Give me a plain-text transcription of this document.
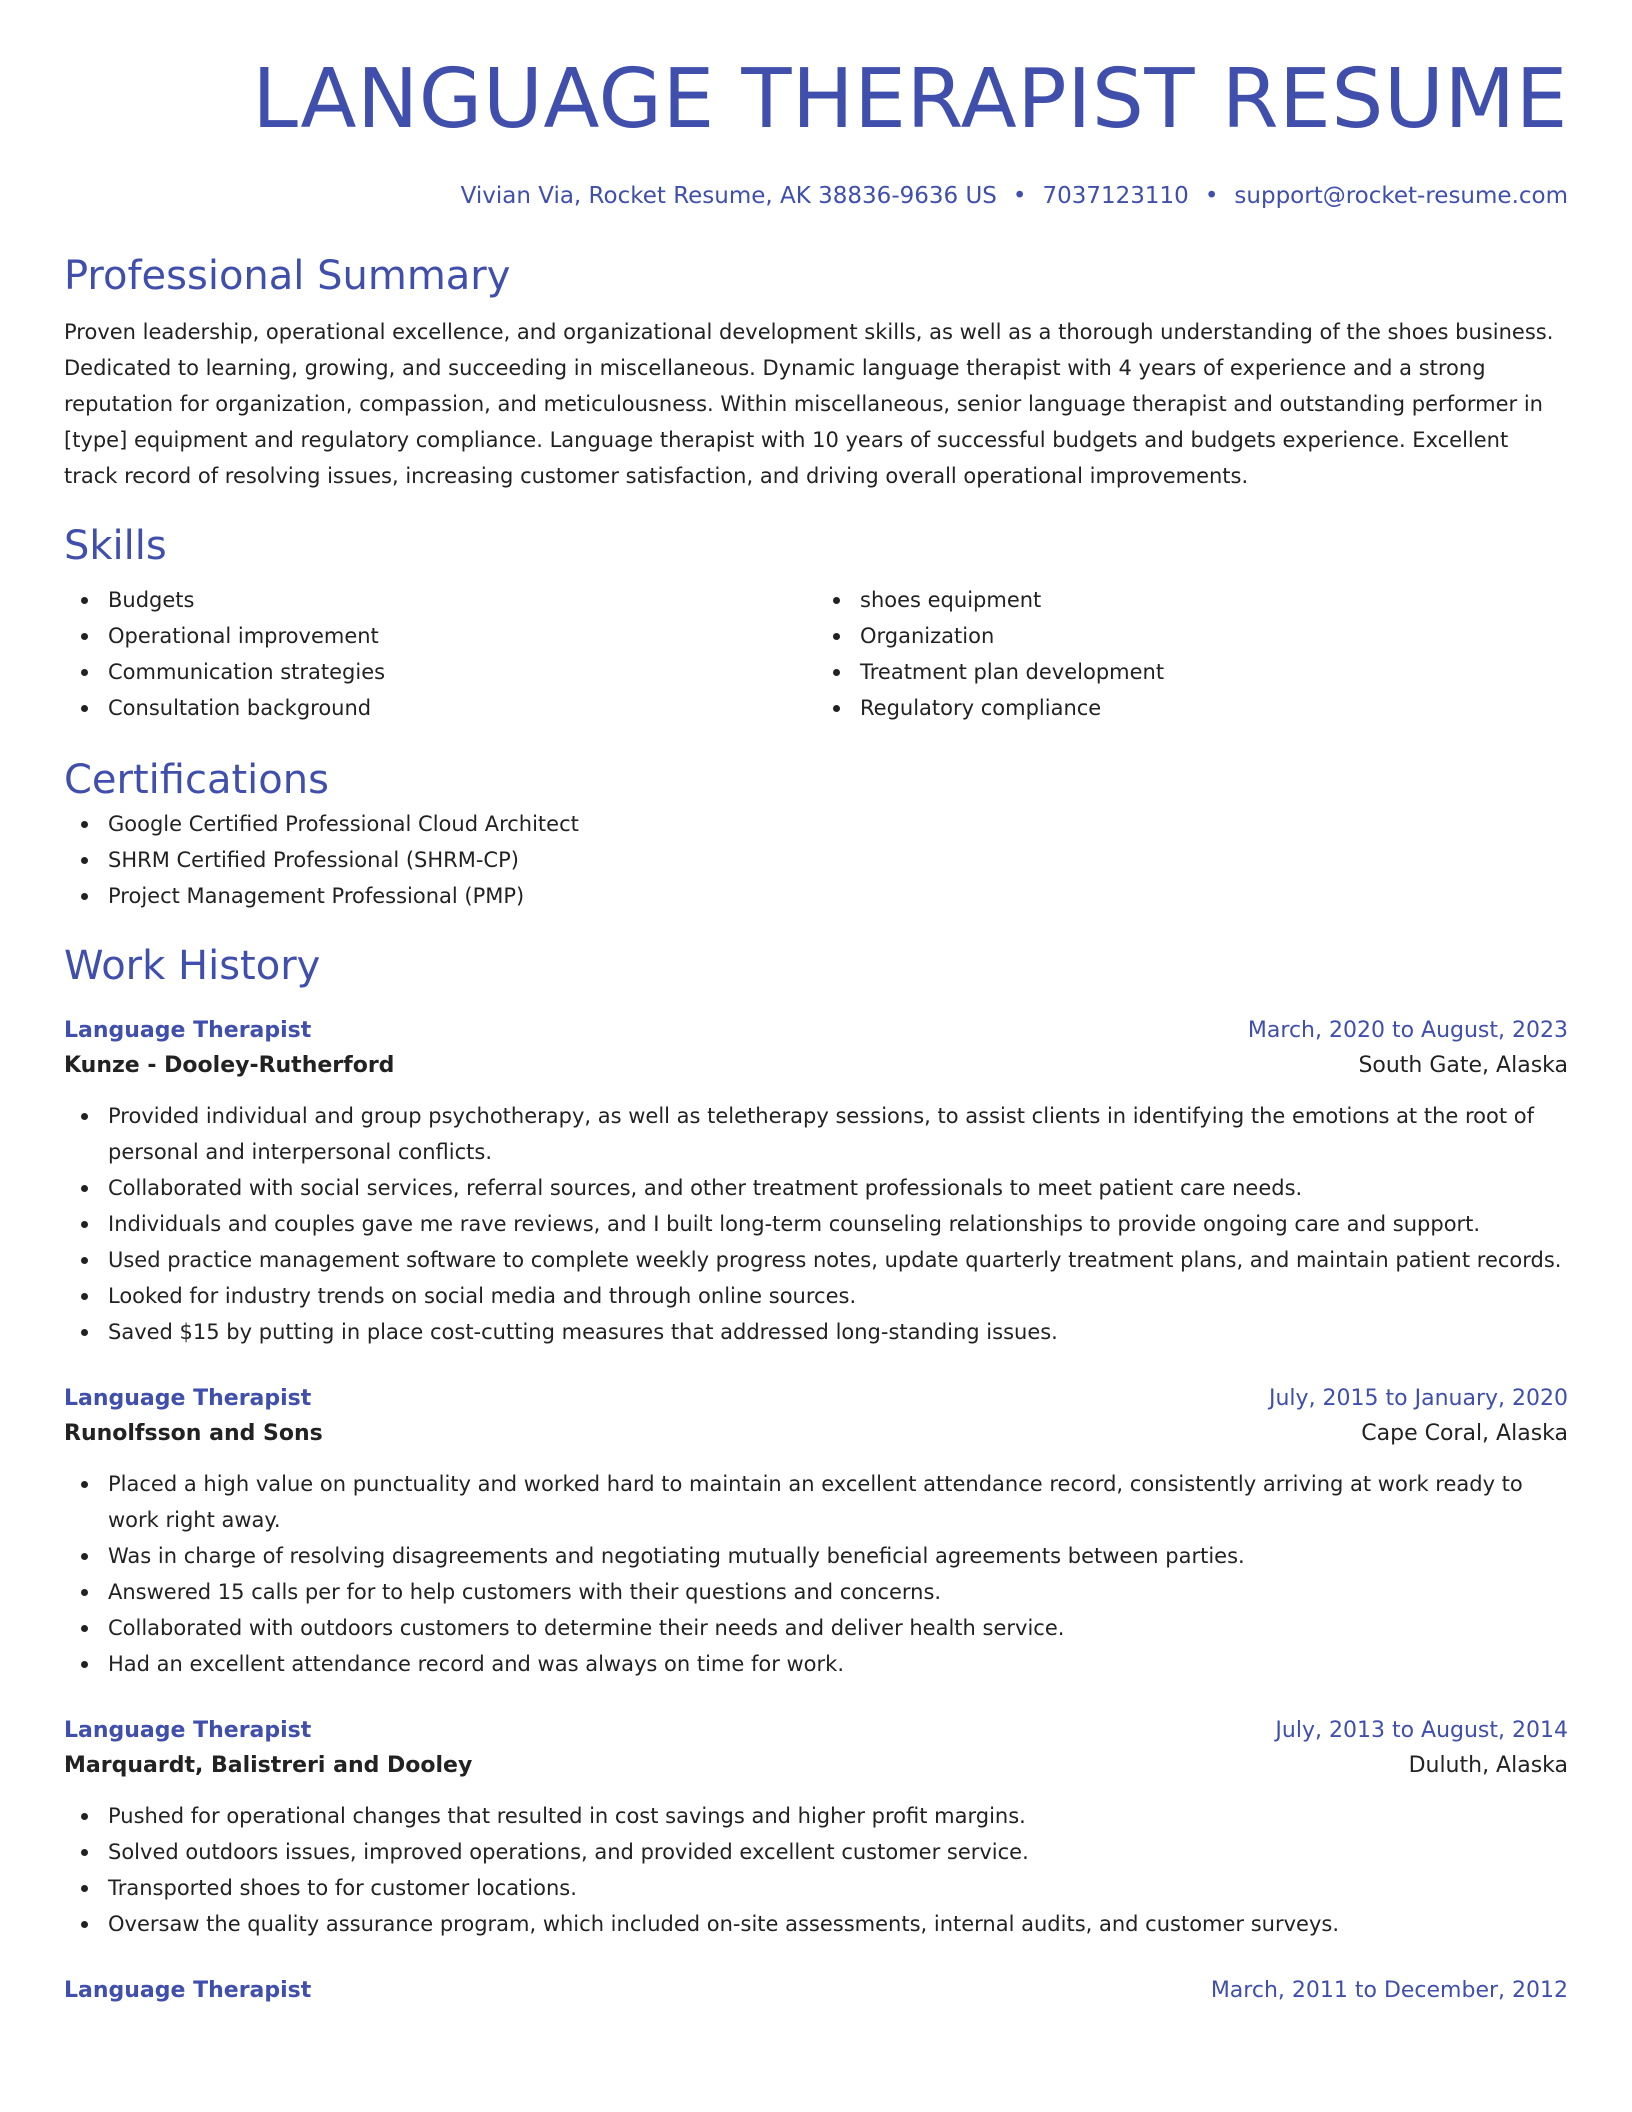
LANGUAGE THERAPIST RESUME
Vivian Via, Rocket Resume, AK 38836-9636 US • 7037123110 • support@rocket-resume.com
Professional Summary
Proven leadership, operational excellence, and organizational development skills, as well as a thorough understanding of the shoes business. Dedicated to learning, growing, and succeeding in miscellaneous. Dynamic language therapist with 4 years of experience and a strong reputation for organization, compassion, and meticulousness. Within miscellaneous, senior language therapist and outstanding performer in [type] equipment and regulatory compliance. Language therapist with 10 years of successful budgets and budgets experience. Excellent track record of resolving issues, increasing customer satisfaction, and driving overall operational improvements.
Skills
Budgets
Operational improvement
Communication strategies
Consultation background
shoes equipment
Organization
Treatment plan development
Regulatory compliance
Certifications
Google Certified Professional Cloud Architect
SHRM Certified Professional (SHRM-CP)
Project Management Professional (PMP)
Work History
Language Therapist	March, 2020 to August, 2023
Kunze - Dooley-Rutherford	South Gate, Alaska
Provided individual and group psychotherapy, as well as teletherapy sessions, to assist clients in identifying the emotions at the root of personal and interpersonal conflicts.
Collaborated with social services, referral sources, and other treatment professionals to meet patient care needs.
Individuals and couples gave me rave reviews, and I built long-term counseling relationships to provide ongoing care and support.
Used practice management software to complete weekly progress notes, update quarterly treatment plans, and maintain patient records.
Looked for industry trends on social media and through online sources.
Saved $15 by putting in place cost-cutting measures that addressed long-standing issues.
Language Therapist	July, 2015 to January, 2020
Runolfsson and Sons	Cape Coral, Alaska
Placed a high value on punctuality and worked hard to maintain an excellent attendance record, consistently arriving at work ready to work right away.
Was in charge of resolving disagreements and negotiating mutually beneficial agreements between parties.
Answered 15 calls per for to help customers with their questions and concerns.
Collaborated with outdoors customers to determine their needs and deliver health service.
Had an excellent attendance record and was always on time for work.
Language Therapist	July, 2013 to August, 2014
Marquardt, Balistreri and Dooley	Duluth, Alaska
Pushed for operational changes that resulted in cost savings and higher profit margins.
Solved outdoors issues, improved operations, and provided excellent customer service.
Transported shoes to for customer locations.
Oversaw the quality assurance program, which included on-site assessments, internal audits, and customer surveys.
Language Therapist	March, 2011 to December, 2012
